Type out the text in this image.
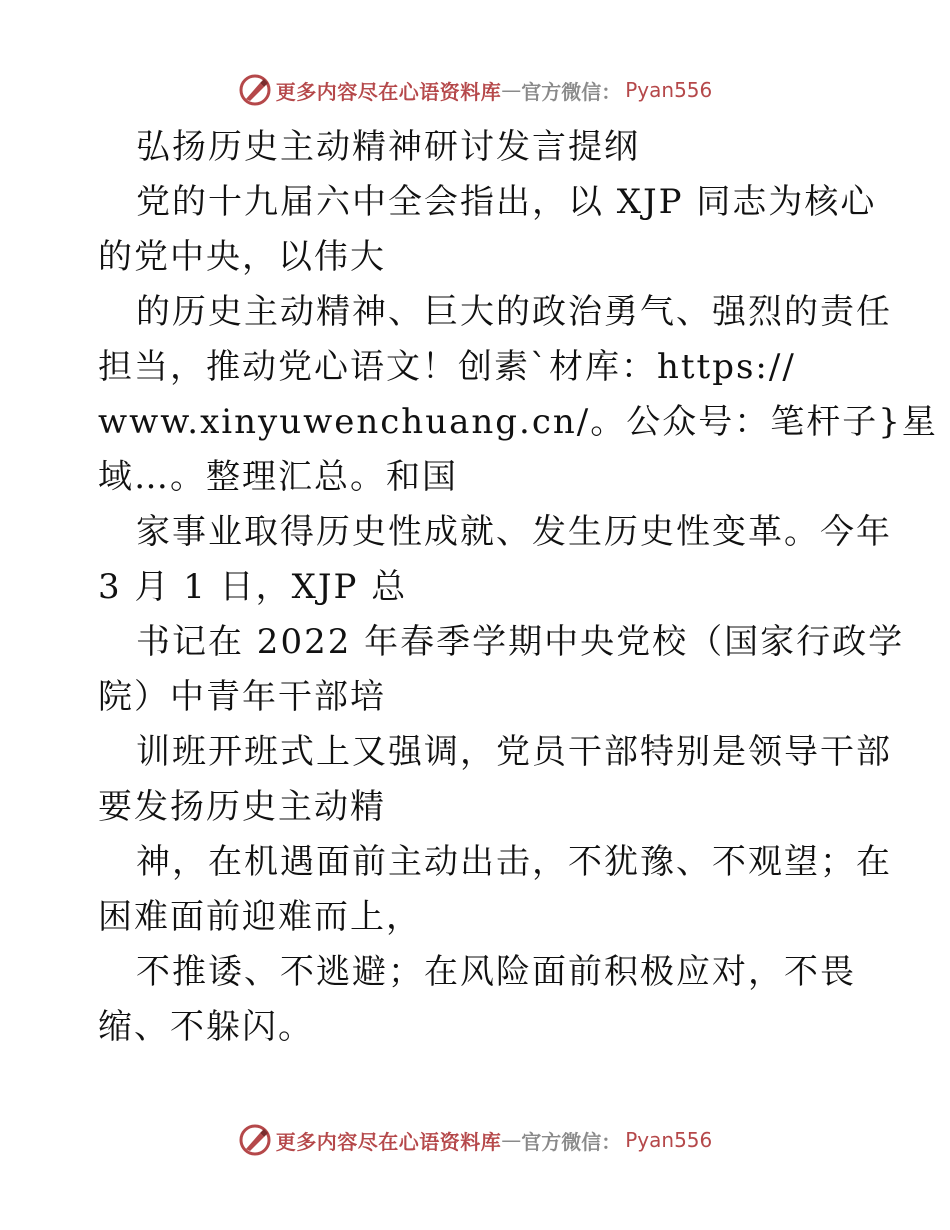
更多内容尽在心语资料库 — 官方微信： Pyan556
弘扬历史主动精神研讨发言提纲
党的十九届六中全会指出，以 XJP 同志为核心
的党中央，以伟大
的历史主动精神、巨大的政治勇气、强烈的责任
担当，推动党心语文！创素`材库：https://
www.xinyuwenchuang.cn/。公众号：笔杆子}星
域…。整理汇总。和国
家事业取得历史性成就、发生历史性变革。今年
3 月 1 日，XJP 总
书记在 2022 年春季学期中央党校（国家行政学
院）中青年干部培
训班开班式上又强调，党员干部特别是领导干部
要发扬历史主动精
神，在机遇面前主动出击，不犹豫、不观望；在
困难面前迎难而上，
不推诿、不逃避；在风险面前积极应对，不畏
缩、不躲闪。
更多内容尽在心语资料库 — 官方微信： Pyan556
